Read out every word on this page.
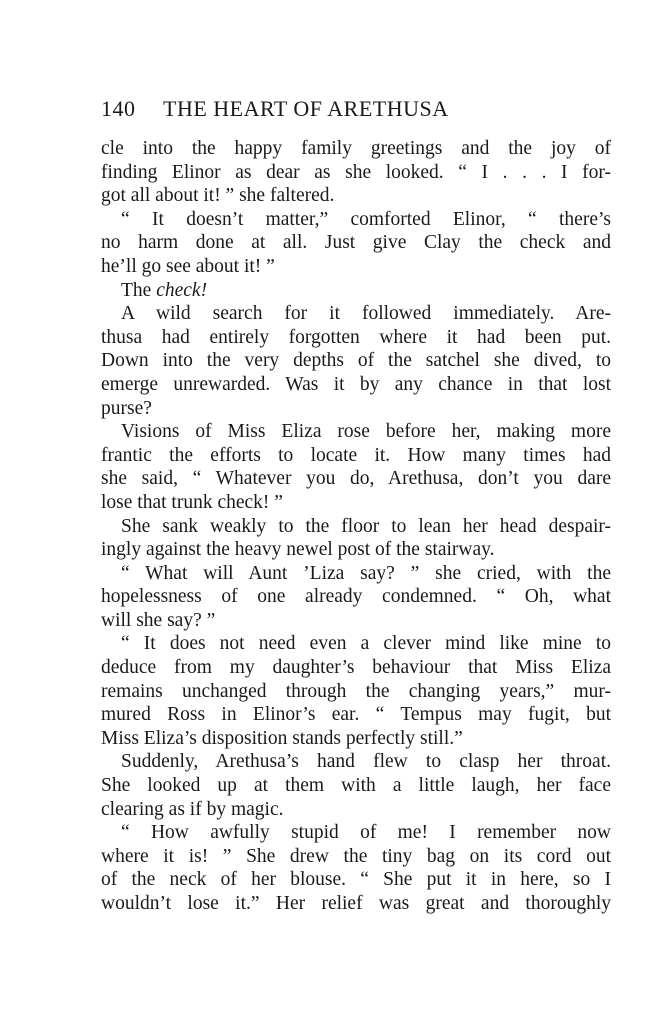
140 THE HEART OF ARETHUSA
cle into the happy family greetings and the joy of
finding Elinor as dear as she looked. “ I . . . I for-
got all about it! ” she faltered.
“ It doesn’t matter,” comforted Elinor, “ there’s
no harm done at all. Just give Clay the check and
he’ll go see about it! ”
The check!
A wild search for it followed immediately. Are-
thusa had entirely forgotten where it had been put.
Down into the very depths of the satchel she dived, to
emerge unrewarded. Was it by any chance in that lost
purse?
Visions of Miss Eliza rose before her, making more
frantic the efforts to locate it. How many times had
she said, “ Whatever you do, Arethusa, don’t you dare
lose that trunk check! ”
She sank weakly to the floor to lean her head despair-
ingly against the heavy newel post of the stairway.
“ What will Aunt ’Liza say? ” she cried, with the
hopelessness of one already condemned. “ Oh, what
will she say? ”
“ It does not need even a clever mind like mine to
deduce from my daughter’s behaviour that Miss Eliza
remains unchanged through the changing years,” mur-
mured Ross in Elinor’s ear. “ Tempus may fugit, but
Miss Eliza’s disposition stands perfectly still.”
Suddenly, Arethusa’s hand flew to clasp her throat.
She looked up at them with a little laugh, her face
clearing as if by magic.
“ How awfully stupid of me! I remember now
where it is! ” She drew the tiny bag on its cord out
of the neck of her blouse. “ She put it in here, so I
wouldn’t lose it.” Her relief was great and thoroughly
